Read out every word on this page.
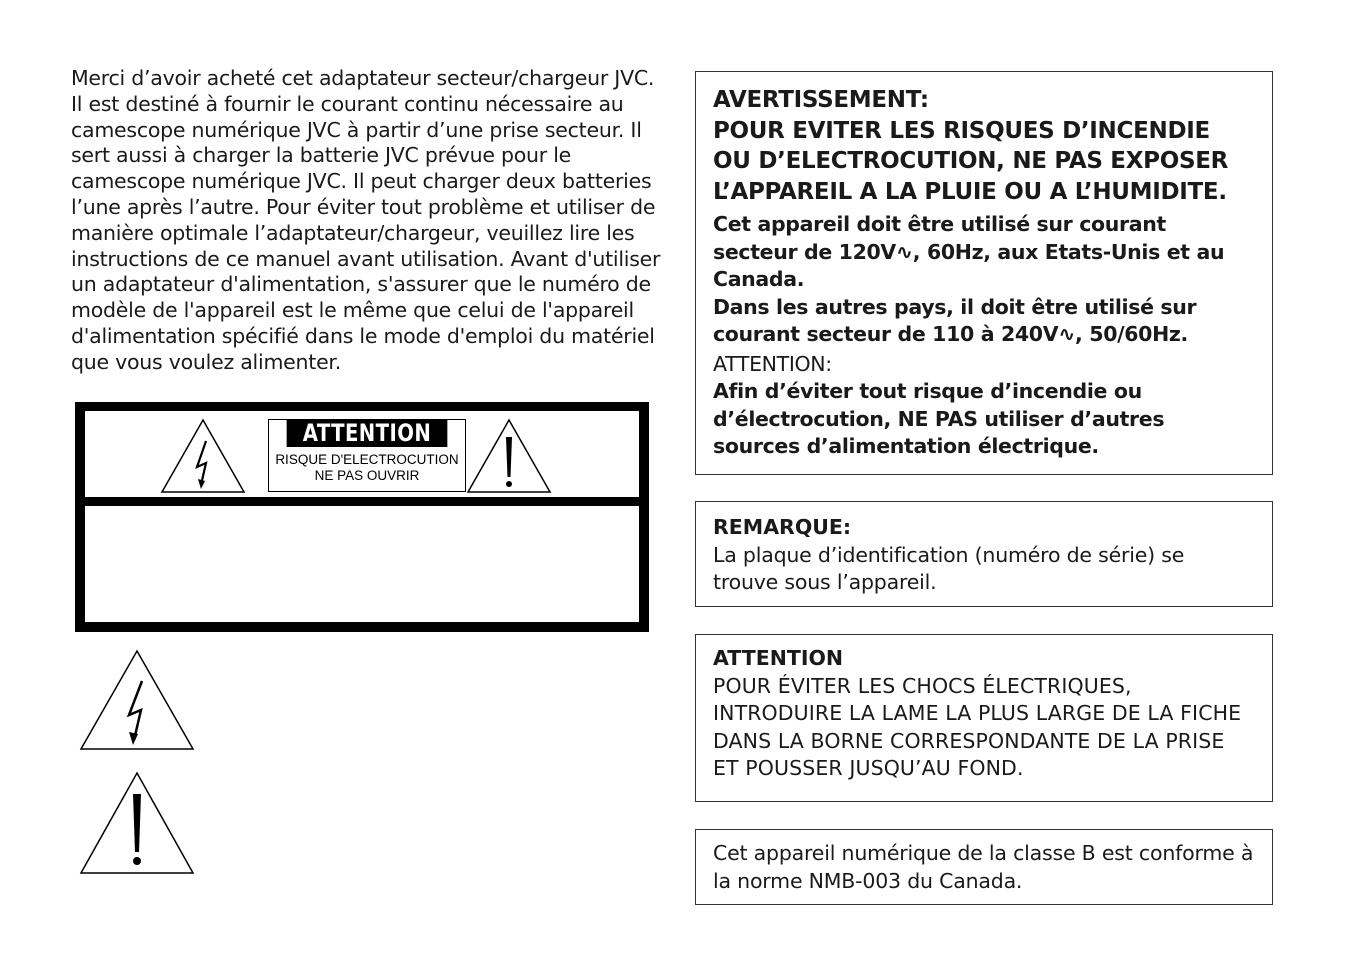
Merci d’avoir acheté cet adaptateur secteur/chargeur JVC. Il est destiné à fournir le courant continu nécessaire au camescope numérique JVC à partir d’une prise secteur. Il sert aussi à charger la batterie JVC prévue pour le camescope numérique JVC. Il peut charger deux batteries l’une après l’autre. Pour éviter tout problème et utiliser de manière optimale l’adaptateur/chargeur, veuillez lire les instructions de ce manuel avant utilisation. Avant d'utiliser un adaptateur d'alimentation, s'assurer que le numéro de modèle de l'appareil est le même que celui de l'appareil d'alimentation spécifié dans le mode d'emploi du matériel que vous voulez alimenter.

ATTENTION
RISQUE D'ELECTROCUTION
NE PAS OUVRIR

AVERTISSEMENT:

POUR EVITER LES RISQUES D’INCENDIE OU D’ELECTROCUTION, NE PAS EXPOSER L’APPAREIL A LA PLUIE OU A L’HUMIDITE.

Cet appareil doit être utilisé sur courant secteur de 120V∿, 60Hz, aux Etats-Unis et au Canada.

Dans les autres pays, il doit être utilisé sur courant secteur de 110 à 240V∿, 50/60Hz.

ATTENTION:

Afin d’éviter tout risque d’incendie ou d’électrocution, NE PAS utiliser d’autres sources d’alimentation électrique.

REMARQUE:

La plaque d’identification (numéro de série) se trouve sous l’appareil.

ATTENTION

POUR ÉVITER LES CHOCS ÉLECTRIQUES, INTRODUIRE LA LAME LA PLUS LARGE DE LA FICHE DANS LA BORNE CORRESPONDANTE DE LA PRISE ET POUSSER JUSQU’AU FOND.

Cet appareil numérique de la classe B est conforme à la norme NMB-003 du Canada.
